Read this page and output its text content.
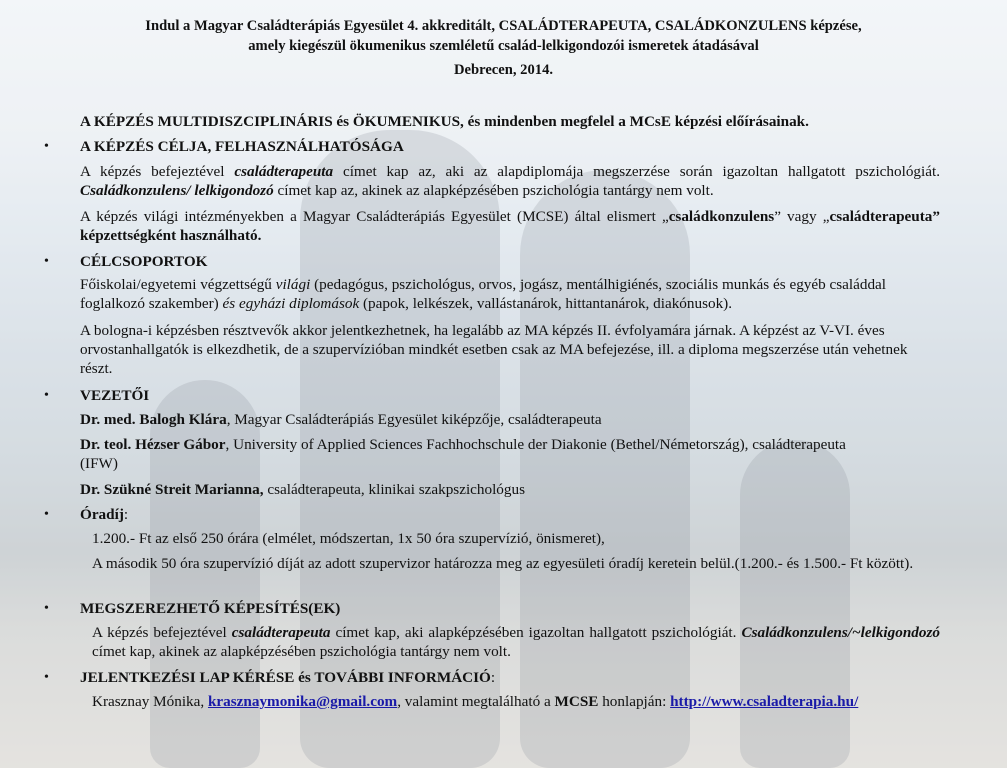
Indul a Magyar Családterápiás Egyesület 4. akkreditált, CSALÁDTERAPEUTA, CSALÁDKONZULENS képzése,
amely kiegészül ökumenikus szemléletű család-lelkigondozói ismeretek átadásával
Debrecen, 2014.
A KÉPZÉS MULTIDISZCIPLINÁRIS és ÖKUMENIKUS, és mindenben megfelel a MCsE képzési előírásainak.
• A KÉPZÉS CÉLJA, FELHASZNÁLHATÓSÁGA
A képzés befejeztével családterapeuta címet kap az, aki az alapdiplomája megszerzése során igazoltan hallgatott pszichológiát. Családkonzulens/ lelkigondozó címet kap az, akinek az alapképzésében pszichológia tantárgy nem volt.
A képzés világi intézményekben a Magyar Családterápiás Egyesület (MCSE) által elismert „családkonzulens” vagy „családterapeuta” képzettségként használható.
• CÉLCSOPORTOK
Főiskolai/egyetemi végzettségű világi (pedagógus, pszichológus, orvos, jogász, mentálhigiénés, szociális munkás és egyéb családdal foglalkozó szakember) és egyházi diplomások (papok, lelkészek, vallástanárok, hittantanárok, diakónusok).
A bologna-i képzésben résztvevők akkor jelentkezhetnek, ha legalább az MA képzés II. évfolyamára járnak. A képzést az V-VI. éves orvostanhallgatók is elkezdhetik, de a szupervízióban mindkét esetben csak az MA befejezése, ill. a diploma megszerzése után vehetnek részt.
• VEZETŐI
Dr. med. Balogh Klára, Magyar Családterápiás Egyesület kiképzője, családterapeuta
Dr. teol. Hézser Gábor, University of Applied Sciences Fachhochschule der Diakonie (Bethel/Németország), családterapeuta (IFW)
Dr. Szükné Streit Marianna, családterapeuta, klinikai szakpszichológus
• Óradíj:
1.200.- Ft az első 250 órára (elmélet, módszertan, 1x 50 óra szupervízió, önismeret),
A második 50 óra szupervízió díját az adott szupervizor határozza meg az egyesületi óradíj keretein belül.(1.200.- és 1.500.- Ft között).
• MEGSZEREZHETŐ KÉPESÍTÉS(EK)
A képzés befejeztével családterapeuta címet kap, aki alapképzésében igazoltan hallgatott pszichológiát. Családkonzulens/~lelkigondozó címet kap, akinek az alapképzésében pszichológia tantárgy nem volt.
• JELENTKEZÉSI LAP KÉRÉSE és TOVÁBBI INFORMÁCIÓ:
Krasznay Mónika, krasznaymonika@gmail.com, valamint megtalálható a MCSE honlapján: http://www.csaladterapia.hu/
